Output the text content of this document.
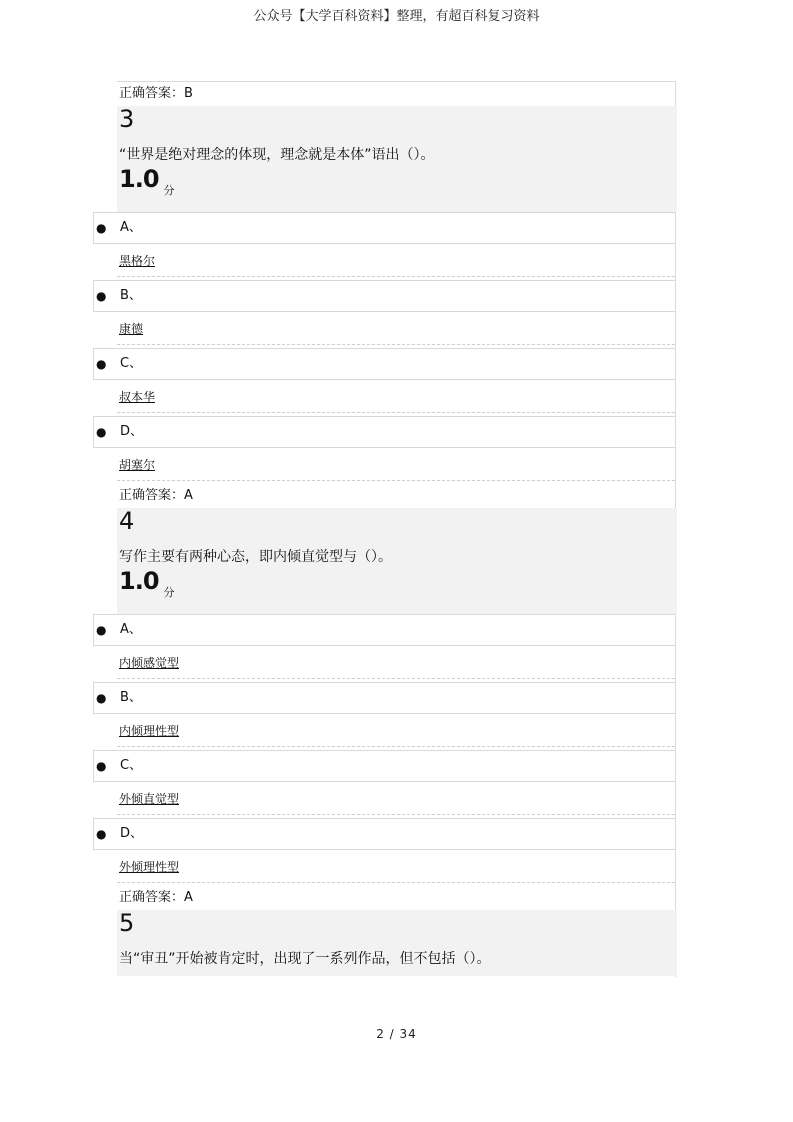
公众号【大学百科资料】整理，有超百科复习资料
正确答案：B
3
“世界是绝对理念的体现，理念就是本体”语出（）。
1.0 分
● A、
黑格尔
● B、
康德
● C、
叔本华
● D、
胡塞尔
正确答案：A
4
写作主要有两种心态，即内倾直觉型与（）。
1.0 分
● A、
内倾感觉型
● B、
内倾理性型
● C、
外倾直觉型
● D、
外倾理性型
正确答案：A
5
当“审丑”开始被肯定时，出现了一系列作品，但不包括（）。
2 / 34
